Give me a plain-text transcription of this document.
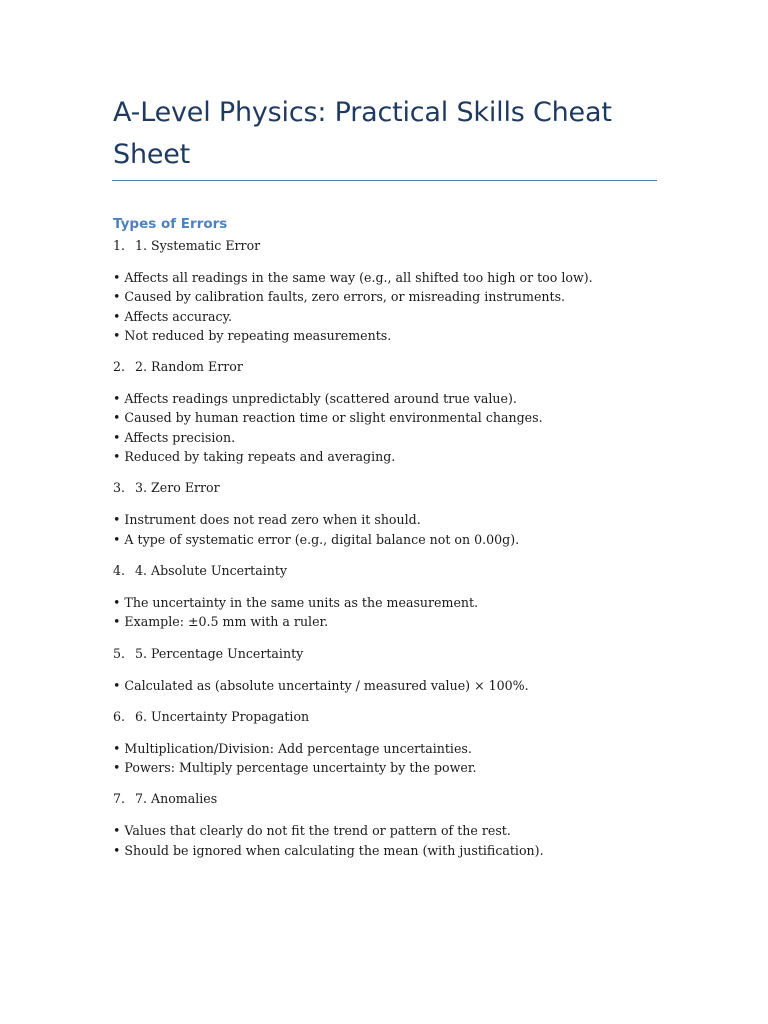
A-Level Physics: Practical Skills Cheat Sheet
Types of Errors
1. 1. Systematic Error
• Affects all readings in the same way (e.g., all shifted too high or too low).
• Caused by calibration faults, zero errors, or misreading instruments.
• Affects accuracy.
• Not reduced by repeating measurements.
2. 2. Random Error
• Affects readings unpredictably (scattered around true value).
• Caused by human reaction time or slight environmental changes.
• Affects precision.
• Reduced by taking repeats and averaging.
3. 3. Zero Error
• Instrument does not read zero when it should.
• A type of systematic error (e.g., digital balance not on 0.00g).
4. 4. Absolute Uncertainty
• The uncertainty in the same units as the measurement.
• Example: ±0.5 mm with a ruler.
5. 5. Percentage Uncertainty
• Calculated as (absolute uncertainty / measured value) × 100%.
6. 6. Uncertainty Propagation
• Multiplication/Division: Add percentage uncertainties.
• Powers: Multiply percentage uncertainty by the power.
7. 7. Anomalies
• Values that clearly do not fit the trend or pattern of the rest.
• Should be ignored when calculating the mean (with justification).
